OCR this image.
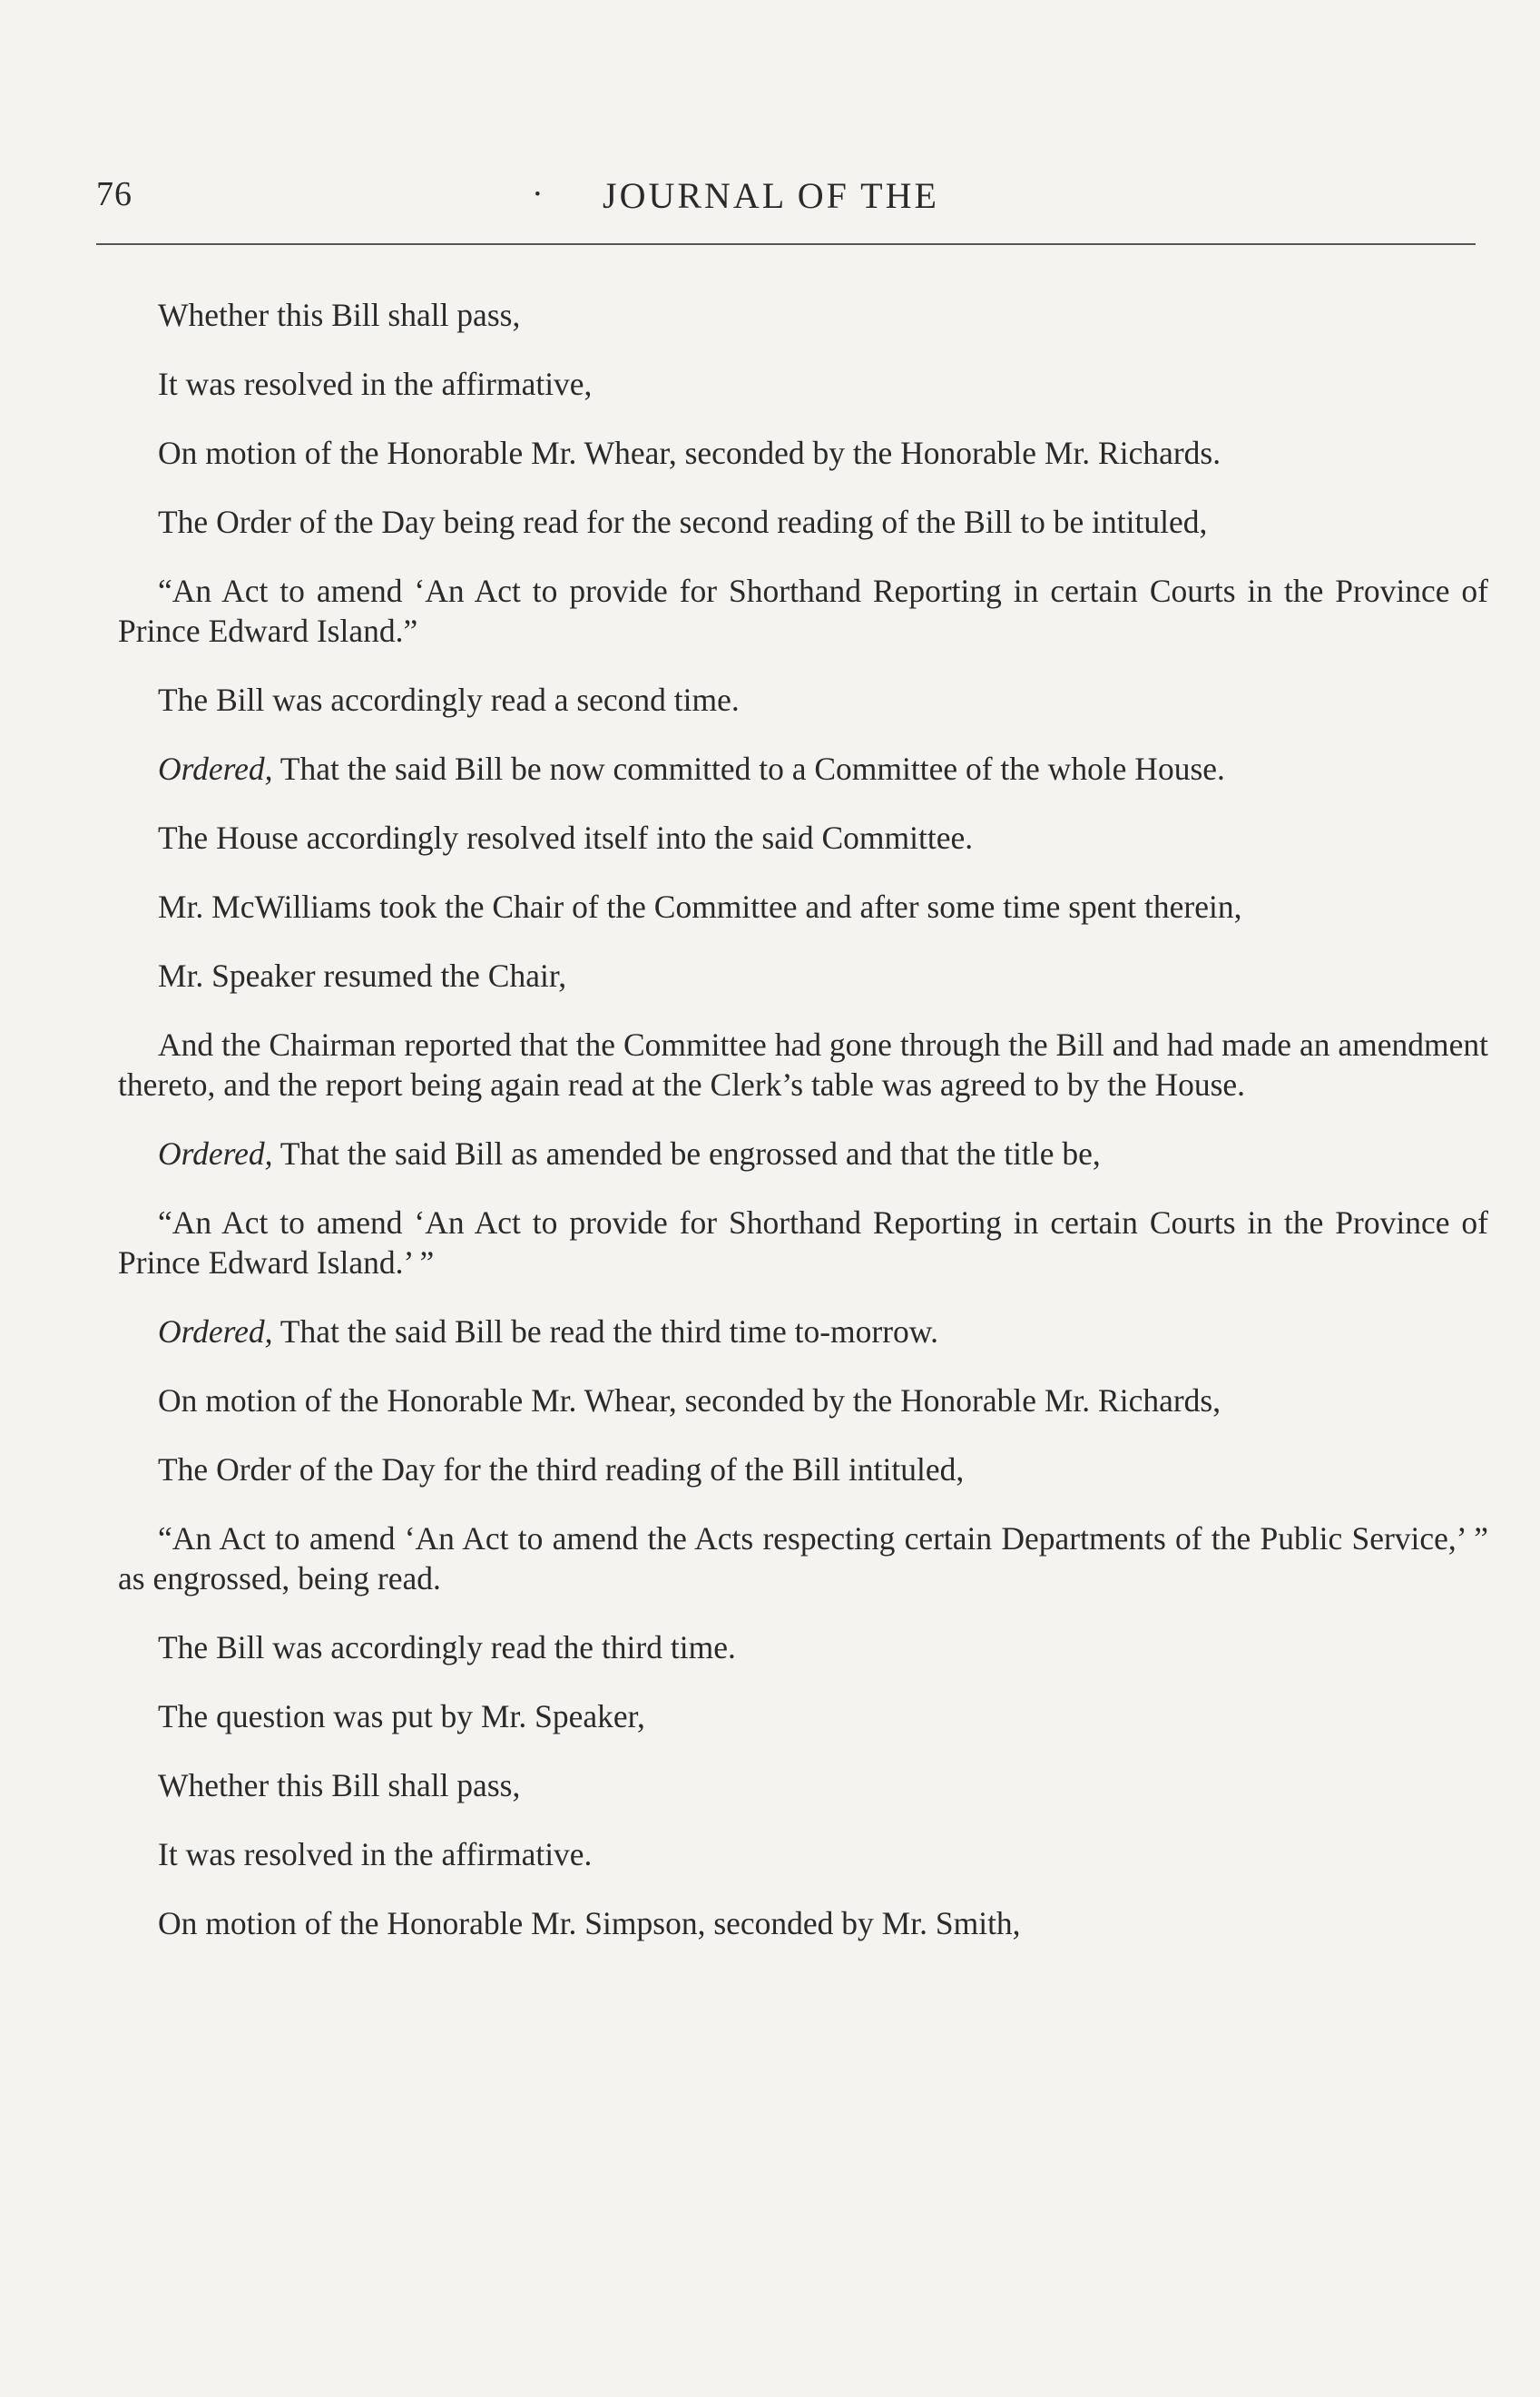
76	· JOURNAL OF THE

Whether this Bill shall pass,

It was resolved in the affirmative,

On motion of the Honorable Mr. Whear, seconded by the Honorable Mr. Richards.

The Order of the Day being read for the second reading of the Bill to be intituled,

“An Act to amend ‘An Act to provide for Shorthand Reporting in certain Courts in the Province of Prince Edward Island.”

The Bill was accordingly read a second time.

Ordered, That the said Bill be now committed to a Committee of the whole House.

The House accordingly resolved itself into the said Committee.

Mr. McWilliams took the Chair of the Committee and after some time spent therein,

Mr. Speaker resumed the Chair,

And the Chairman reported that the Committee had gone through the Bill and had made an amendment thereto, and the report being again read at the Clerk’s table was agreed to by the House.

Ordered, That the said Bill as amended be engrossed and that the title be,

“An Act to amend ‘An Act to provide for Shorthand Reporting in certain Courts in the Province of Prince Edward Island.’ ”

Ordered, That the said Bill be read the third time to-morrow.

On motion of the Honorable Mr. Whear, seconded by the Honorable Mr. Richards,

The Order of the Day for the third reading of the Bill intituled,

“An Act to amend ‘An Act to amend the Acts respecting certain Departments of the Public Service,’ ” as engrossed, being read.

The Bill was accordingly read the third time.

The question was put by Mr. Speaker,

Whether this Bill shall pass,

It was resolved in the affirmative.

On motion of the Honorable Mr. Simpson, seconded by Mr. Smith,
